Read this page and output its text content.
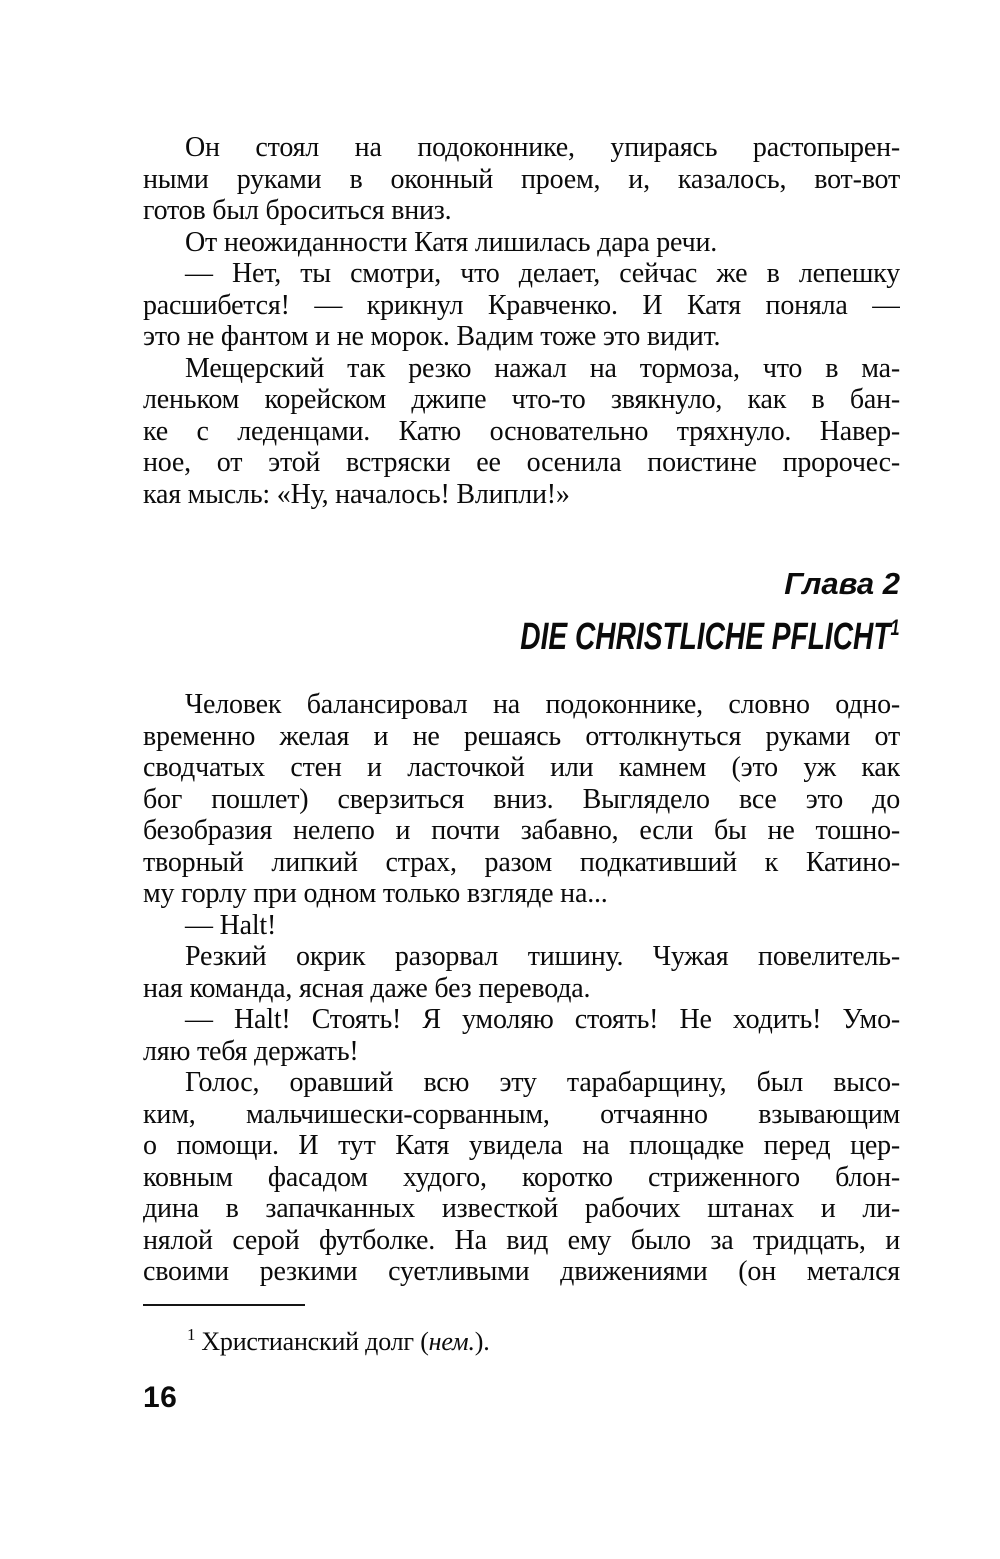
Он стоял на подоконнике, упираясь растопырен-
ными руками в оконный проем, и, казалось, вот-вот
готов был броситься вниз.
От неожиданности Катя лишилась дара речи.
— Нет, ты смотри, что делает, сейчас же в лепешку
расшибется! — крикнул Кравченко. И Катя поняла —
это не фантом и не морок. Вадим тоже это видит.
Мещерский так резко нажал на тормоза, что в ма-
леньком корейском джипе что-то звякнуло, как в бан-
ке с леденцами. Катю основательно тряхнуло. Навер-
ное, от этой встряски ее осенила поистине пророчес-
кая мысль: «Ну, началось! Влипли!»
Глава 2
DIE CHRISTLICHE PFLICHT$^1$
Человек балансировал на подоконнике, словно одно-
временно желая и не решаясь оттолкнуться руками от
сводчатых стен и ласточкой или камнем (это уж как
бог пошлет) сверзиться вниз. Выглядело все это до
безобразия нелепо и почти забавно, если бы не тошно-
творный липкий страх, разом подкативший к Катино-
му горлу при одном только взгляде на...
— Halt!
Резкий окрик разорвал тишину. Чужая повелитель-
ная команда, ясная даже без перевода.
— Halt! Стоять! Я умоляю стоять! Не ходить! Умо-
ляю тебя держать!
Голос, оравший всю эту тарабарщину, был высо-
ким, мальчишески-сорванным, отчаянно взывающим
о помощи. И тут Катя увидела на площадке перед цер-
ковным фасадом худого, коротко стриженного блон-
дина в запачканных известкой рабочих штанах и ли-
нялой серой футболке. На вид ему было за тридцать, и
своими резкими суетливыми движениями (он метался
$^1$ Христианский долг (нем.).
16
